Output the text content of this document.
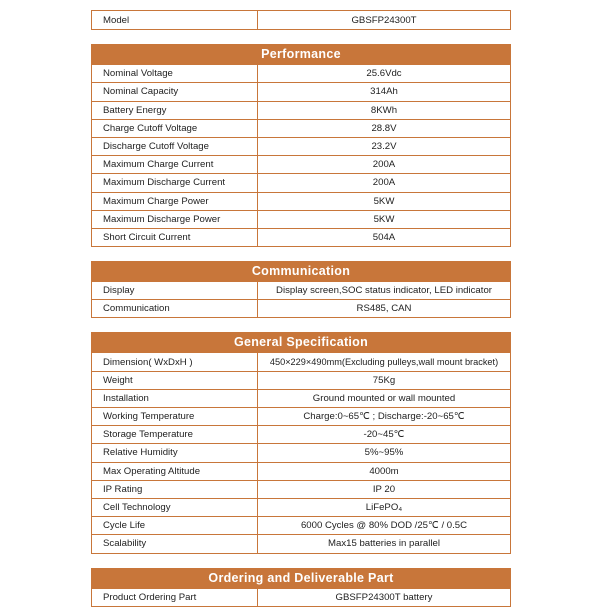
Model	GBSFP24300T
Performance
Nominal Voltage	25.6Vdc
Nominal Capacity	314Ah
Battery Energy	8KWh
Charge Cutoff Voltage	28.8V
Discharge Cutoff Voltage	23.2V
Maximum Charge Current	200A
Maximum Discharge Current	200A
Maximum Charge Power	5KW
Maximum Discharge Power	5KW
Short Circuit Current	504A
Communication
Display	Display screen,SOC status indicator, LED indicator
Communication	RS485, CAN
General Specification
Dimension( WxDxH )	450×229×490mm(Excluding pulleys,wall mount bracket)
Weight	75Kg
Installation	Ground mounted or wall mounted
Working Temperature	Charge:0~65℃ ; Discharge:-20~65℃
Storage Temperature	-20~45℃
Relative Humidity	5%~95%
Max Operating Altitude	4000m
IP Rating	IP 20
Cell Technology	LiFePO₄
Cycle Life	6000 Cycles @ 80% DOD /25℃ / 0.5C
Scalability	Max15 batteries in parallel
Ordering and Deliverable Part
Product Ordering Part	GBSFP24300T battery
